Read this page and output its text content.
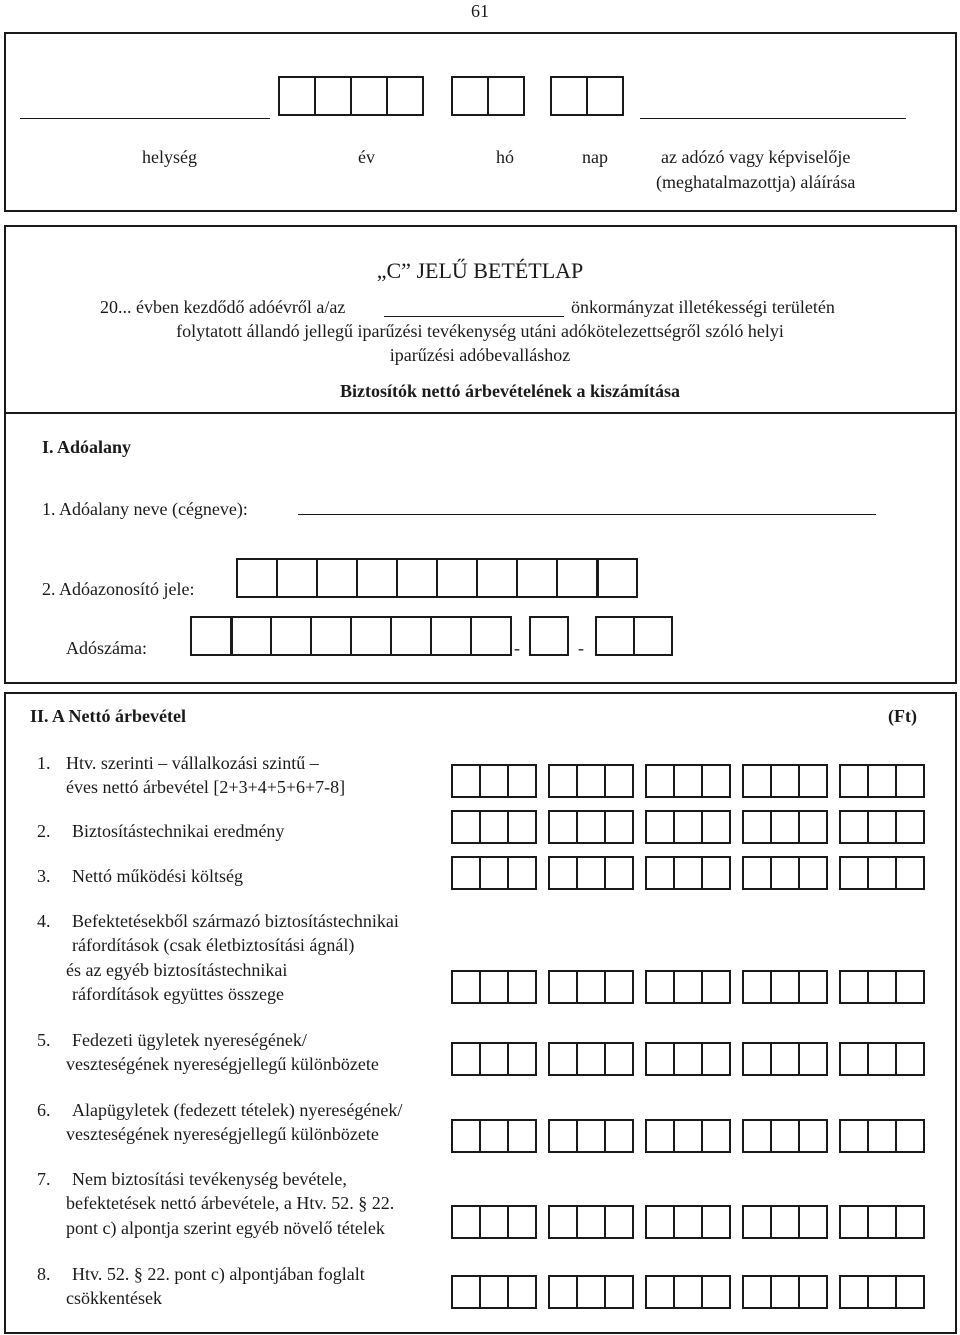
61
helység	év	hó	nap	az adózó vagy képviselője
(meghatalmazottja) aláírása
„C” JELŰ BETÉTLAP
20... évben kezdődő adóévről a/az	önkormányzat illetékességi területén
folytatott állandó jellegű iparűzési tevékenység utáni adókötelezettségről szóló helyi
iparűzési adóbevalláshoz
Biztosítók nettó árbevételének a kiszámítása
I. Adóalany
1. Adóalany neve (cégneve):
2. Adóazonosító jele:
Adószáma:	-	-
II. A Nettó árbevétel	(Ft)
1. Htv. szerinti – vállalkozási szintű –
éves nettó árbevétel [2+3+4+5+6+7-8]
2. Biztosítástechnikai eredmény
3. Nettó működési költség
4. Befektetésekből származó biztosítástechnikai
ráfordítások (csak életbiztosítási ágnál)
és az egyéb biztosítástechnikai
ráfordítások együttes összege
5. Fedezeti ügyletek nyereségének/
veszteségének nyereségjellegű különbözete
6. Alapügyletek (fedezett tételek) nyereségének/
veszteségének nyereségjellegű különbözete
7. Nem biztosítási tevékenység bevétele,
befektetések nettó árbevétele, a Htv. 52. § 22.
pont c) alpontja szerint egyéb növelő tételek
8. Htv. 52. § 22. pont c) alpontjában foglalt
csökkentések
